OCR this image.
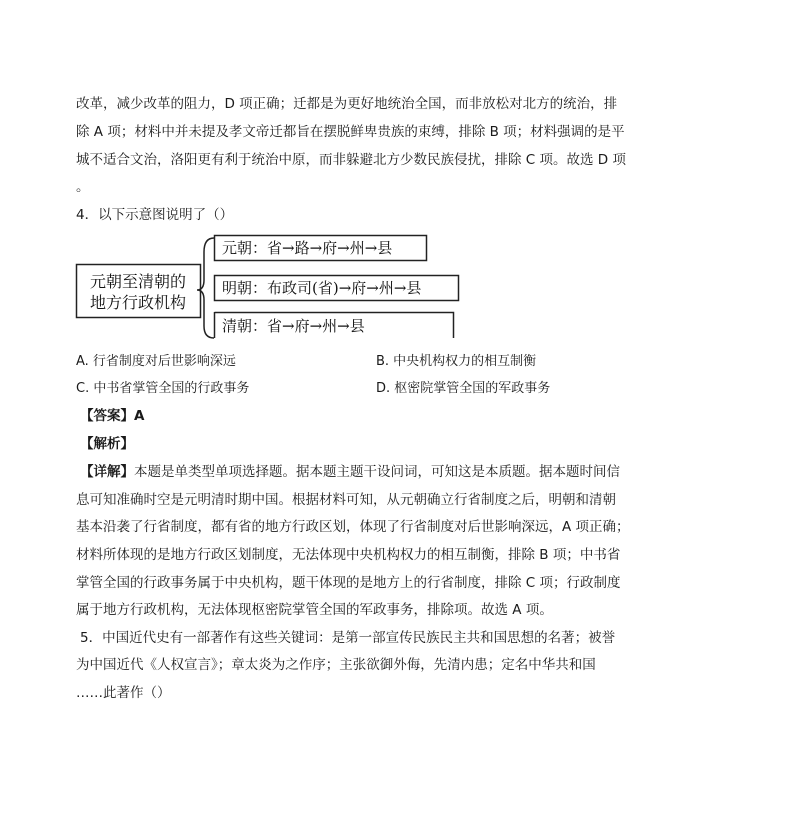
改革，减少改革的阻力，D 项正确；迁都是为更好地统治全国，而非放松对北方的统治，排
除 A 项；材料中并未提及孝文帝迁都旨在摆脱鲜卑贵族的束缚，排除 B 项；材料强调的是平
城不适合文治，洛阳更有利于统治中原，而非躲避北方少数民族侵扰，排除 C 项。故选 D 项
。
4．以下示意图说明了（）
元朝至清朝的
地方行政机构
元朝：省→路→府→州→县
明朝：布政司(省)→府→州→县
清朝：省→府→州→县
A. 行省制度对后世影响深远	B. 中央机构权力的相互制衡
C. 中书省掌管全国的行政事务	D. 枢密院掌管全国的军政事务
【答案】A
【解析】
【详解】本题是单类型单项选择题。据本题主题干设问词，可知这是本质题。据本题时间信
息可知准确时空是元明清时期中国。根据材料可知，从元朝确立行省制度之后，明朝和清朝
基本沿袭了行省制度，都有省的地方行政区划，体现了行省制度对后世影响深远，A 项正确；
材料所体现的是地方行政区划制度，无法体现中央机构权力的相互制衡，排除 B 项；中书省
掌管全国的行政事务属于中央机构，题干体现的是地方上的行省制度，排除 C 项；行政制度
属于地方行政机构，无法体现枢密院掌管全国的军政事务，排除项。故选 A 项。
5．中国近代史有一部著作有这些关键词：是第一部宣传民族民主共和国思想的名著；被誉
为中国近代《人权宣言》；章太炎为之作序；主张欲御外侮，先清内患；定名中华共和国
……此著作（）
